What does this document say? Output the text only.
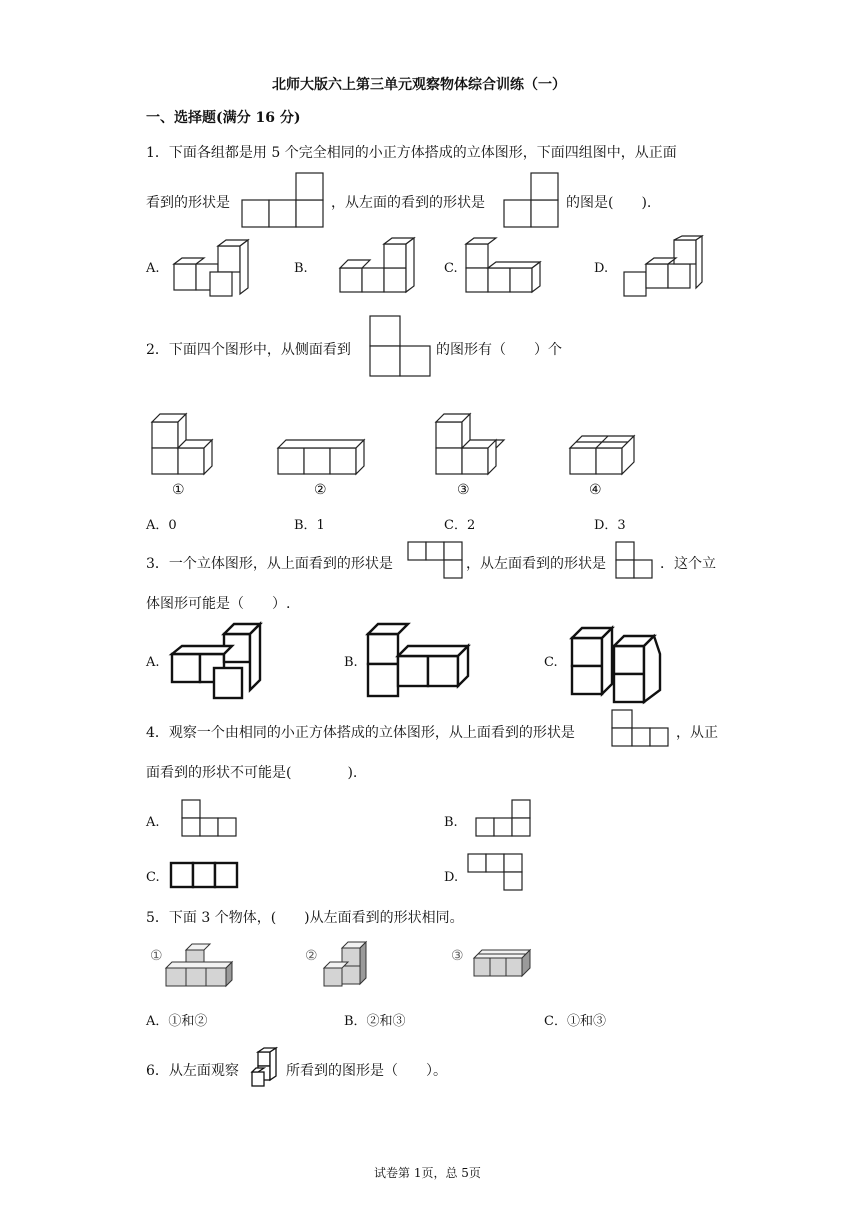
北师大版六上第三单元观察物体综合训练（一）
一、选择题(满分 16 分)
1．下面各组都是用 5 个完全相同的小正方体搭成的立体图形，下面四组图中，从正面
看到的形状是	，从左面的看到的形状是	的图是(　　).
A.	B.	C.	D.
2．下面四个图形中，从侧面看到	的图形有（　　）个
①	②	③	④
A．0	B．1	C．2	D．3
3．一个立体图形，从上面看到的形状是	，从左面看到的形状是	．这个立
体图形可能是（　　）.
A.	B.	C.
4．观察一个由相同的小正方体搭成的立体图形，从上面看到的形状是	，从正
面看到的形状不可能是(　　　　).
A.	B.
C.	D.
5．下面 3 个物体，(　　)从左面看到的形状相同。
①	②	③
A．①和②	B．②和③	C．①和③
6．从左面观察	所看到的图形是（　　）。
试卷第 1页，总 5页
